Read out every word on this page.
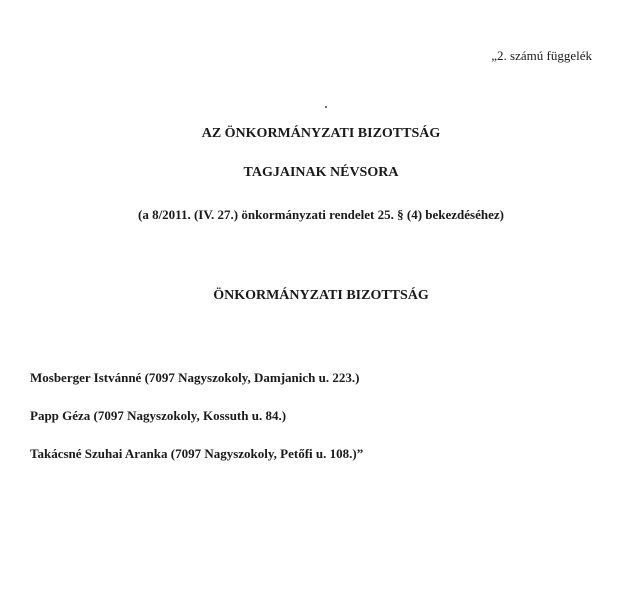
„2. számú függelék
AZ ÖNKORMÁNYZATI BIZOTTSÁG
TAGJAINAK NÉVSORA
(a 8/2011. (IV. 27.) önkormányzati rendelet 25. § (4) bekezdéséhez)
ÖNKORMÁNYZATI BIZOTTSÁG
Mosberger Istvánné (7097 Nagyszokoly, Damjanich u. 223.)
Papp Géza (7097 Nagyszokoly, Kossuth u. 84.)
Takácsné Szuhai Aranka (7097 Nagyszokoly, Petőfi u. 108.)”
